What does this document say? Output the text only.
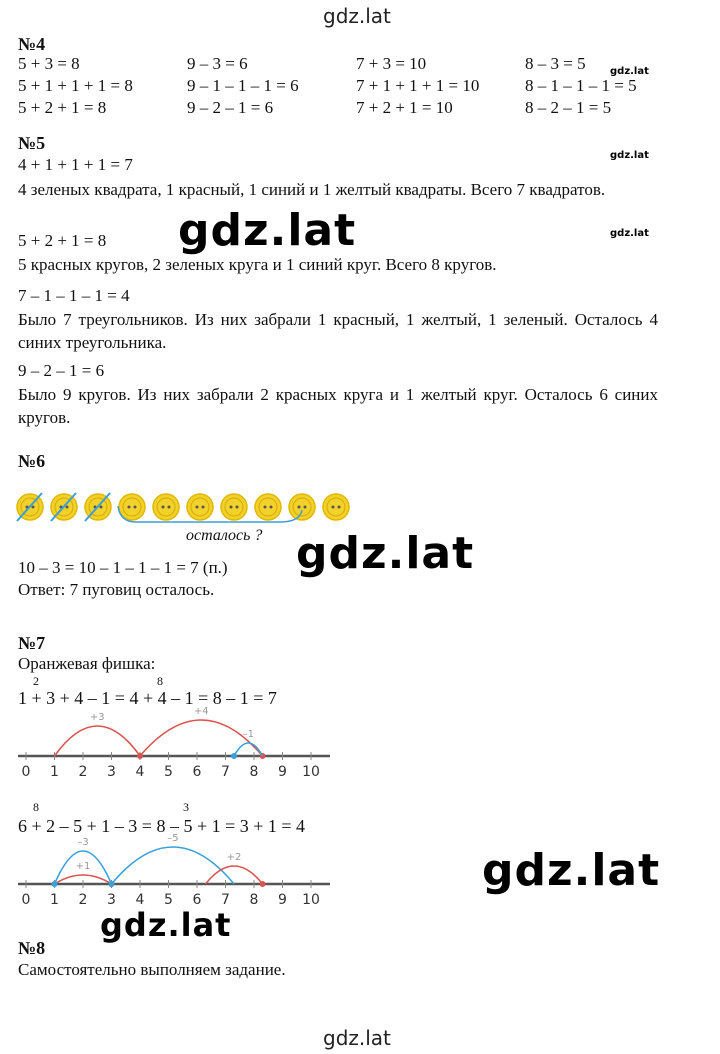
gdz.lat
№4
5 + 3 = 8	9 – 3 = 6	7 + 3 = 10	8 – 3 = 5
5 + 1 + 1 + 1 = 8	9 – 1 – 1 – 1 = 6	7 + 1 + 1 + 1 = 10	8 – 1 – 1 – 1 = 5
5 + 2 + 1 = 8	9 – 2 – 1 = 6	7 + 2 + 1 = 10	8 – 2 – 1 = 5
gdz.lat
№5
4 + 1 + 1 + 1 = 7	gdz.lat
4 зеленых квадрата, 1 красный, 1 синий и 1 желтый квадраты. Всего 7 квадратов.
gdz.lat
5 + 2 + 1 = 8	gdz.lat
5 красных кругов, 2 зеленых круга и 1 синий круг. Всего 8 кругов.
7 – 1 – 1 – 1 = 4
Было 7 треугольников. Из них забрали 1 красный, 1 желтый, 1 зеленый. Осталось 4 синих треугольника.
9 – 2 – 1 = 6
Было 9 кругов. Из них забрали 2 красных круга и 1 желтый круг. Осталось 6 синих кругов.
№6
осталось ? gdz.lat
10 – 3 = 10 – 1 – 1 – 1 = 7 (п.)
Ответ: 7 пуговиц осталось.
№7
Оранжевая фишка:
2	8
1 + 3 + 4 – 1 = 4 + 4 – 1 = 8 – 1 = 7
0 1 2 3 4 5 6 7 8 9 10
+3
+4
–1
8	3
6 + 2 – 5 + 1 – 3 = 8 – 5 + 1 = 3 + 1 = 4
0 1 2 3 4 5 6 7 8 9 10
+1
–3	–5
+2	gdz.lat
gdz.lat
№8
Самостоятельно выполняем задание.
gdz.lat
